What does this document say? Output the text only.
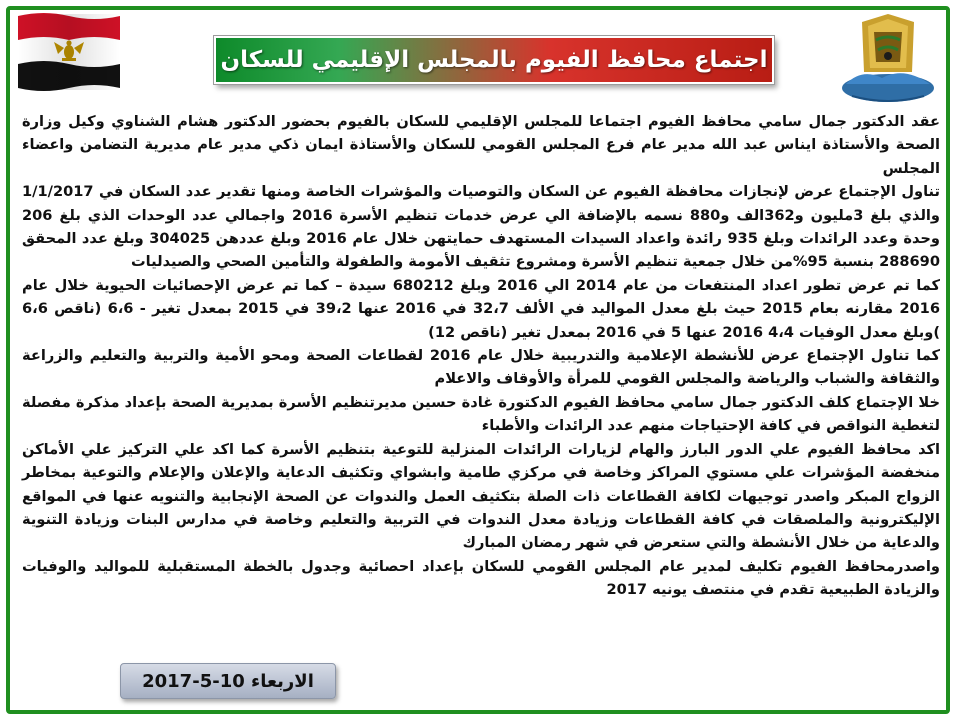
اجتماع محافظ الفيوم بالمجلس الإقليمي للسكان

عقد الدكتور جمال سامي محافظ الفيوم اجتماعا للمجلس الإقليمي للسكان بالفيوم بحضور الدكتور هشام الشناوي وكيل وزارة الصحة والأستاذة ايناس عبد الله مدير عام فرع المجلس القومي للسكان والأستاذة ايمان ذكي مدير عام مديرية التضامن واعضاء المجلس

تناول الإجتماع عرض لإنجازات محافظة الفيوم عن السكان والتوصيات والمؤشرات الخاصة ومنها تقدير عدد السكان في 1/1/2017 والذي بلغ 3مليون و362الف و880 نسمه بالإضافة الي عرض خدمات تنظيم الأسرة 2016 واجمالي عدد الوحدات الذي بلغ 206 وحدة وعدد الرائدات وبلغ 935 رائدة واعداد السيدات المستهدف حمايتهن خلال عام 2016 وبلغ عددهن 304025 وبلغ عدد المحقق 288690 بنسبة 95%من خلال جمعية تنظيم الأسرة ومشروع تثقيف الأمومة والطفولة والتأمين الصحي والصيدليات

كما تم عرض تطور اعداد المنتفعات من عام 2014 الي 2016 وبلغ 680212 سيدة – كما تم عرض الإحصائيات الحيوية خلال عام 2016 مقارنه بعام 2015 حيث بلغ معدل المواليد في الألف 32،7 في 2016 عنها 39،2 في 2015 بمعدل تغير - 6،6 (ناقص 6،6 )وبلغ معدل الوفيات 4،4 2016 عنها 5 في 2016 بمعدل تغير (ناقص 12)

كما تناول الإجتماع عرض للأنشطة الإعلامية والتدريبية خلال عام 2016 لقطاعات الصحة ومحو الأمية والتربية والتعليم والزراعة والثقافة والشباب والرياضة والمجلس القومي للمرأة والأوقاف والاعلام

خلا الإجتماع كلف الدكتور جمال سامي محافظ الفيوم الدكتورة غادة حسين مديرتنظيم الأسرة بمديرية الصحة بإعداد مذكرة مفصلة لتغطية النواقص في كافة الإحتياجات منهم عدد الرائدات والأطباء

اكد محافظ الفيوم علي الدور البارز والهام لزيارات الرائدات المنزلية للتوعية بتنظيم الأسرة كما اكد علي التركيز علي الأماكن منخفضة المؤشرات علي مستوي المراكز وخاصة في مركزي طامية وابشواي وتكثيف الدعاية والإعلان والإعلام والتوعية بمخاطر الزواج المبكر واصدر توجيهات لكافة القطاعات ذات الصلة بتكثيف العمل والندوات عن الصحة الإنجابية والتنويه عنها في المواقع الإليكترونية والملصقات في كافة القطاعات وزيادة معدل الندوات في التربية والتعليم وخاصة في مدارس البنات وزيادة التنوية والدعاية من خلال الأنشطة والتي ستعرض في شهر رمضان المبارك

واصدرمحافظ الفيوم تكليف لمدير عام المجلس القومي للسكان بإعداد احصائية وجدول بالخطة المستقبلية للمواليد والوفيات والزيادة الطبيعية تقدم في منتصف يونيه 2017

الاربعاء 10-5-2017
